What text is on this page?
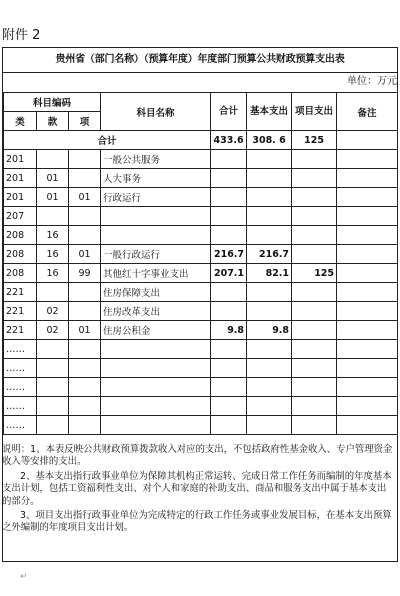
附件 2
贵州省（部门名称）（预算年度）年度部门预算公共财政预算支出表
单位：万元
科目编码			科目名称	合计	基本支出	项目支出	备注
类	款	项					
合计				433.6	308. 6	125	
201			一般公共服务				
201	01		人大事务				
201	01	01	行政运行				
207							
208	16						
208	16	01	一般行政运行	216.7	216.7		
208	16	99	其他红十字事业支出	207.1	82.1	125	
221			住房保障支出				
221	02		住房改革支出				
221	02	01	住房公积金	9.8	9.8		
……							
……							
……							
……							
……							

说明：1、本表反映公共财政预算拨款收入对应的支出，不包括政府性基金收入、专户管理资金收入等安排的支出。

2、基本支出指行政事业单位为保障其机构正常运转、完成日常工作任务而编制的年度基本支出计划，包括工资福利性支出、对个人和家庭的补助支出、商品和服务支出中属于基本支出的部分。

3、项目支出指行政事业单位为完成特定的行政工作任务或事业发展目标，在基本支出预算之外编制的年度项目支出计划。

↵
